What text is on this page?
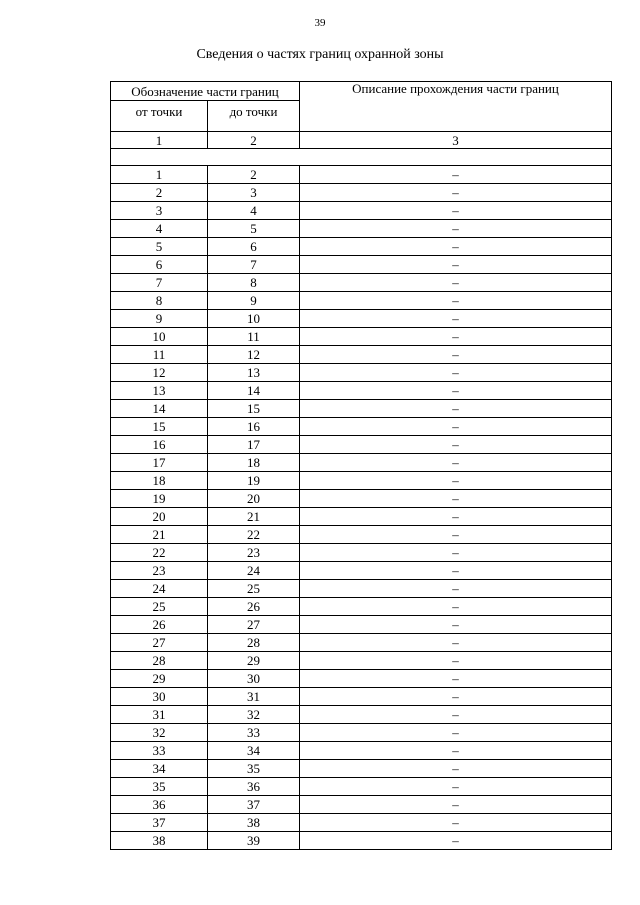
39
Сведения о частях границ охранной зоны
Обозначение части границ		Описание прохождения части границ
от точки	до точки	
1	2	3

1	2	–
2	3	–
3	4	–
4	5	–
5	6	–
6	7	–
7	8	–
8	9	–
9	10	–
10	11	–
11	12	–
12	13	–
13	14	–
14	15	–
15	16	–
16	17	–
17	18	–
18	19	–
19	20	–
20	21	–
21	22	–
22	23	–
23	24	–
24	25	–
25	26	–
26	27	–
27	28	–
28	29	–
29	30	–
30	31	–
31	32	–
32	33	–
33	34	–
34	35	–
35	36	–
36	37	–
37	38	–
38	39	–
